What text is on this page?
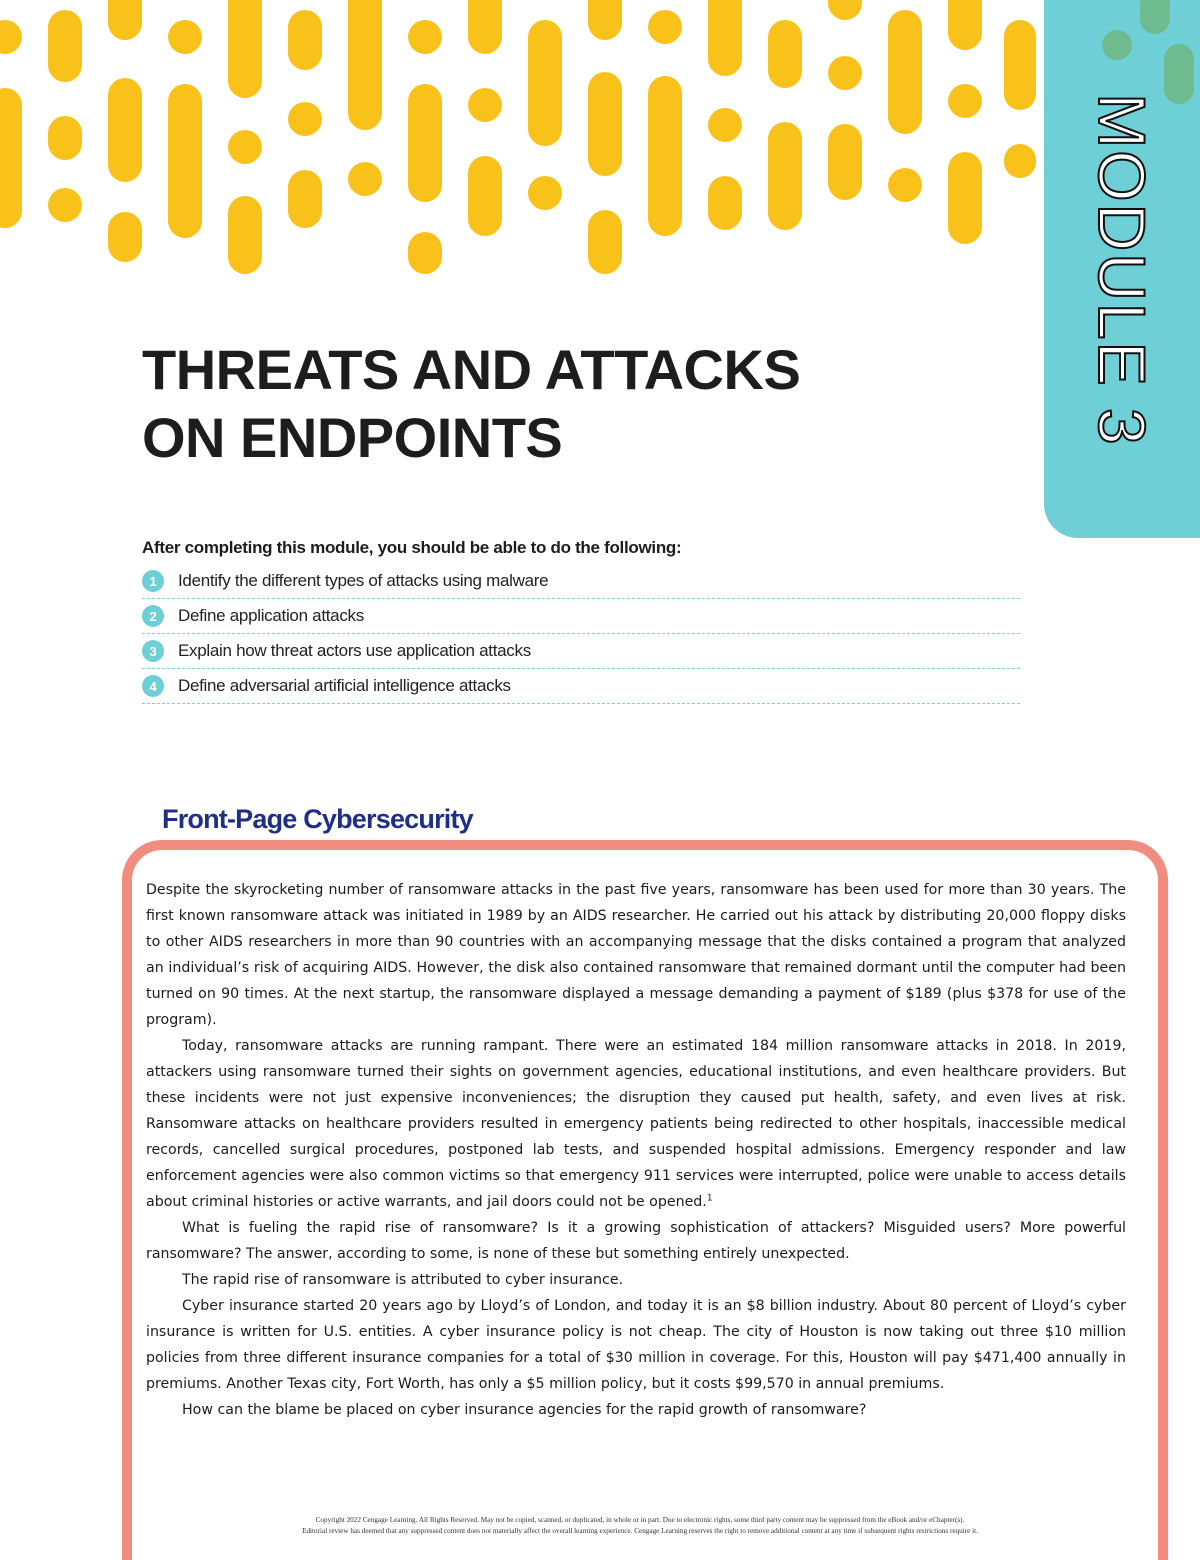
MODULE 3
THREATS AND ATTACKS
ON ENDPOINTS

After completing this module, you should be able to do the following:

1	Identify the different types of attacks using malware
2	Define application attacks
3	Explain how threat actors use application attacks
4	Define adversarial artificial intelligence attacks
Front-Page Cybersecurity

Despite the skyrocketing number of ransomware attacks in the past five years, ransomware has been used for more than 30 years. The first known ransomware attack was initiated in 1989 by an AIDS researcher. He carried out his attack by distributing 20,000 floppy disks to other AIDS researchers in more than 90 countries with an accompanying message that the disks contained a program that analyzed an individual’s risk of acquiring AIDS. However, the disk also contained ransomware that remained dormant until the computer had been turned on 90 times. At the next startup, the ransomware displayed a message demanding a payment of $189 (plus $378 for use of the program).

Today, ransomware attacks are running rampant. There were an estimated 184 million ransomware attacks in 2018. In 2019, attackers using ransomware turned their sights on government agencies, educational institutions, and even healthcare providers. But these incidents were not just expensive inconveniences; the disruption they caused put health, safety, and even lives at risk. Ransomware attacks on healthcare providers resulted in emergency patients being redirected to other hospitals, inaccessible medical records, cancelled surgical procedures, postponed lab tests, and suspended hospital admissions. Emergency responder and law enforcement agencies were also common victims so that emergency 911 services were interrupted, police were unable to access details about criminal histories or active warrants, and jail doors could not be opened.$^1$

What is fueling the rapid rise of ransomware? Is it a growing sophistication of attackers? Misguided users? More powerful ransomware? The answer, according to some, is none of these but something entirely unexpected.

The rapid rise of ransomware is attributed to cyber insurance.

Cyber insurance started 20 years ago by Lloyd’s of London, and today it is an $8 billion industry. About 80 percent of Lloyd’s cyber insurance is written for U.S. entities. A cyber insurance policy is not cheap. The city of Houston is now taking out three $10 million policies from three different insurance companies for a total of $30 million in coverage. For this, Houston will pay $471,400 annually in premiums. Another Texas city, Fort Worth, has only a $5 million policy, but it costs $99,570 in annual premiums.

How can the blame be placed on cyber insurance agencies for the rapid growth of ransomware?

Copyright 2022 Cengage Learning. All Rights Reserved. May not be copied, scanned, or duplicated, in whole or in part. Due to electronic rights, some third party content may be suppressed from the eBook and/or eChapter(s).
Editorial review has deemed that any suppressed content does not materially affect the overall learning experience. Cengage Learning reserves the right to remove additional content at any time if subsequent rights restrictions require it.
